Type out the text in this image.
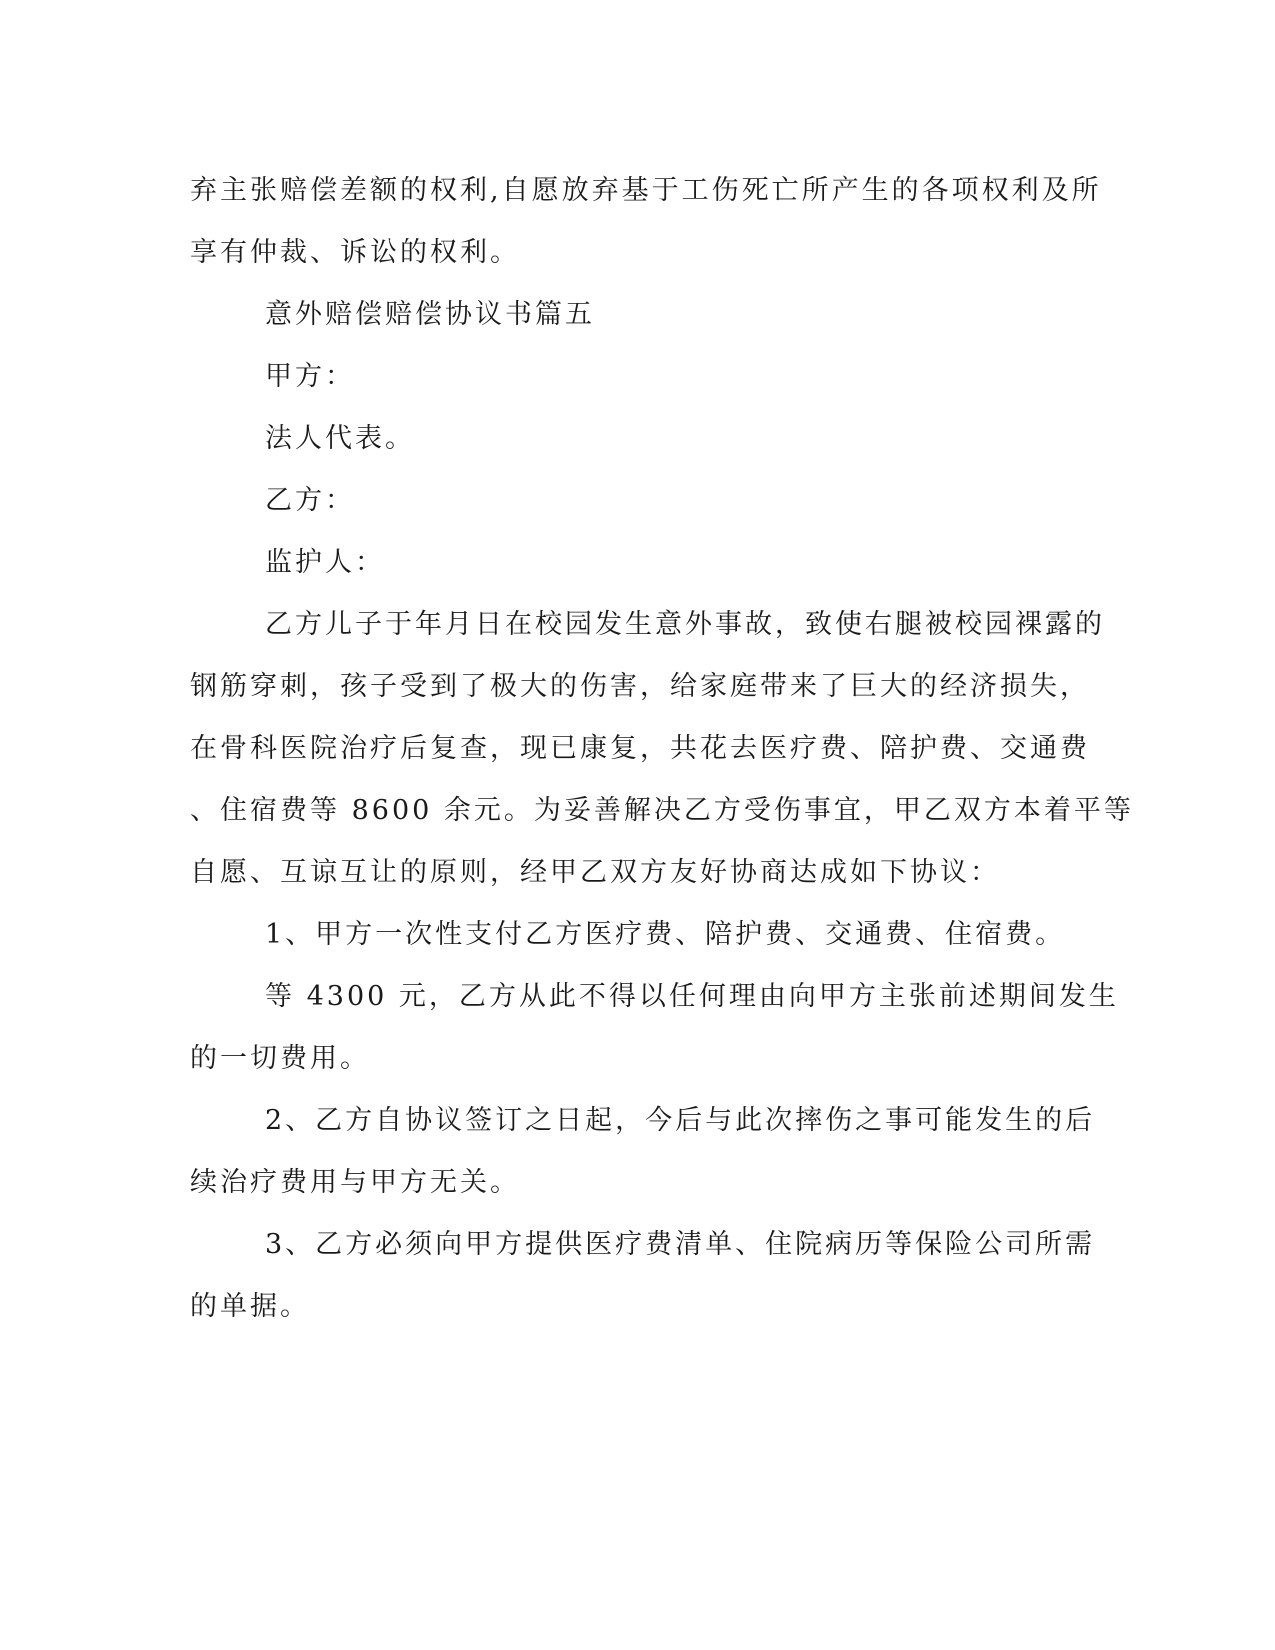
弃主张赔偿差额的权利,自愿放弃基于工伤死亡所产生的各项权利及所
享有仲裁、诉讼的权利。
意外赔偿赔偿协议书篇五
甲方：
法人代表。
乙方：
监护人：
乙方儿子于年月日在校园发生意外事故，致使右腿被校园裸露的
钢筋穿刺，孩子受到了极大的伤害，给家庭带来了巨大的经济损失，
在骨科医院治疗后复查，现已康复，共花去医疗费、陪护费、交通费
、住宿费等 8600 余元。为妥善解决乙方受伤事宜，甲乙双方本着平等
自愿、互谅互让的原则，经甲乙双方友好协商达成如下协议：
1、甲方一次性支付乙方医疗费、陪护费、交通费、住宿费。
等 4300 元，乙方从此不得以任何理由向甲方主张前述期间发生
的一切费用。
2、乙方自协议签订之日起，今后与此次摔伤之事可能发生的后
续治疗费用与甲方无关。
3、乙方必须向甲方提供医疗费清单、住院病历等保险公司所需
的单据。
